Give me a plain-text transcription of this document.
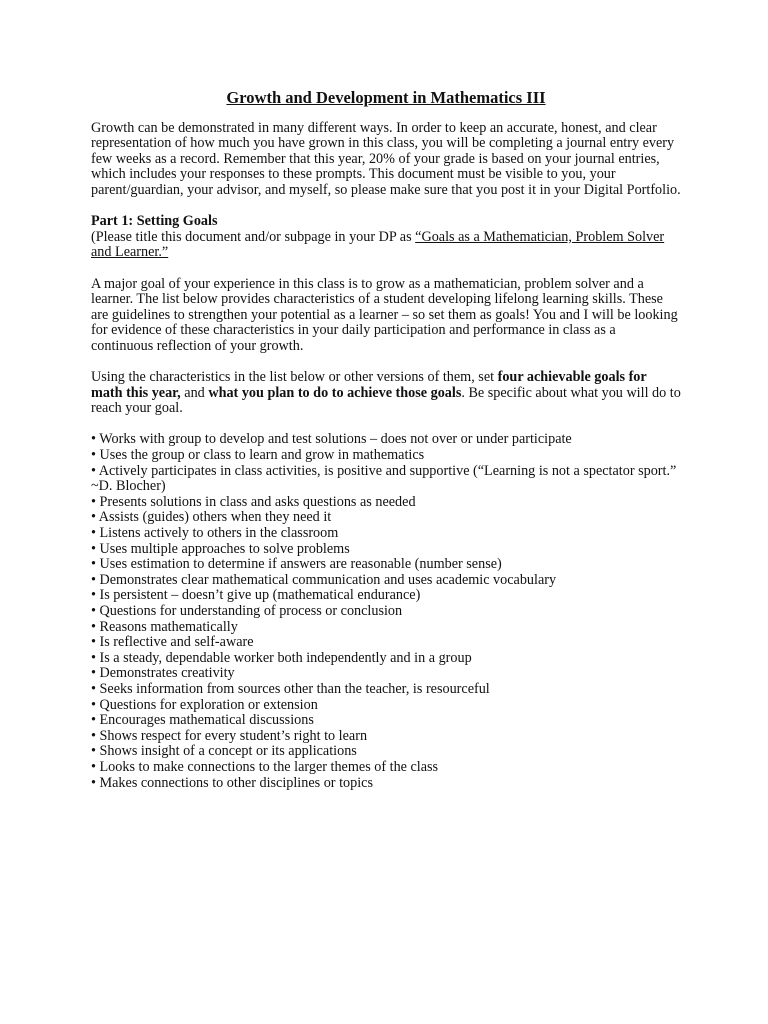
Growth and Development in Mathematics III

Growth can be demonstrated in many different ways. In order to keep an accurate, honest, and clear representation of how much you have grown in this class, you will be completing a journal entry every few weeks as a record. Remember that this year, 20% of your grade is based on your journal entries, which includes your responses to these prompts. This document must be visible to you, your parent/guardian, your advisor, and myself, so please make sure that you post it in your Digital Portfolio.

Part 1: Setting Goals

(Please title this document and/or subpage in your DP as “Goals as a Mathematician, Problem Solver and Learner.”

A major goal of your experience in this class is to grow as a mathematician, problem solver and a learner. The list below provides characteristics of a student developing lifelong learning skills. These are guidelines to strengthen your potential as a learner – so set them as goals! You and I will be looking for evidence of these characteristics in your daily participation and performance in class as a continuous reflection of your growth.

Using the characteristics in the list below or other versions of them, set four achievable goals for math this year, and what you plan to do to achieve those goals. Be specific about what you will do to reach your goal.

• Works with group to develop and test solutions – does not over or under participate
• Uses the group or class to learn and grow in mathematics
• Actively participates in class activities, is positive and supportive (“Learning is not a spectator sport.” ~D. Blocher)
• Presents solutions in class and asks questions as needed
• Assists (guides) others when they need it
• Listens actively to others in the classroom
• Uses multiple approaches to solve problems
• Uses estimation to determine if answers are reasonable (number sense)
• Demonstrates clear mathematical communication and uses academic vocabulary
• Is persistent – doesn’t give up (mathematical endurance)
• Questions for understanding of process or conclusion
• Reasons mathematically
• Is reflective and self-aware
• Is a steady, dependable worker both independently and in a group
• Demonstrates creativity
• Seeks information from sources other than the teacher, is resourceful
• Questions for exploration or extension
• Encourages mathematical discussions
• Shows respect for every student’s right to learn
• Shows insight of a concept or its applications
• Looks to make connections to the larger themes of the class
• Makes connections to other disciplines or topics
